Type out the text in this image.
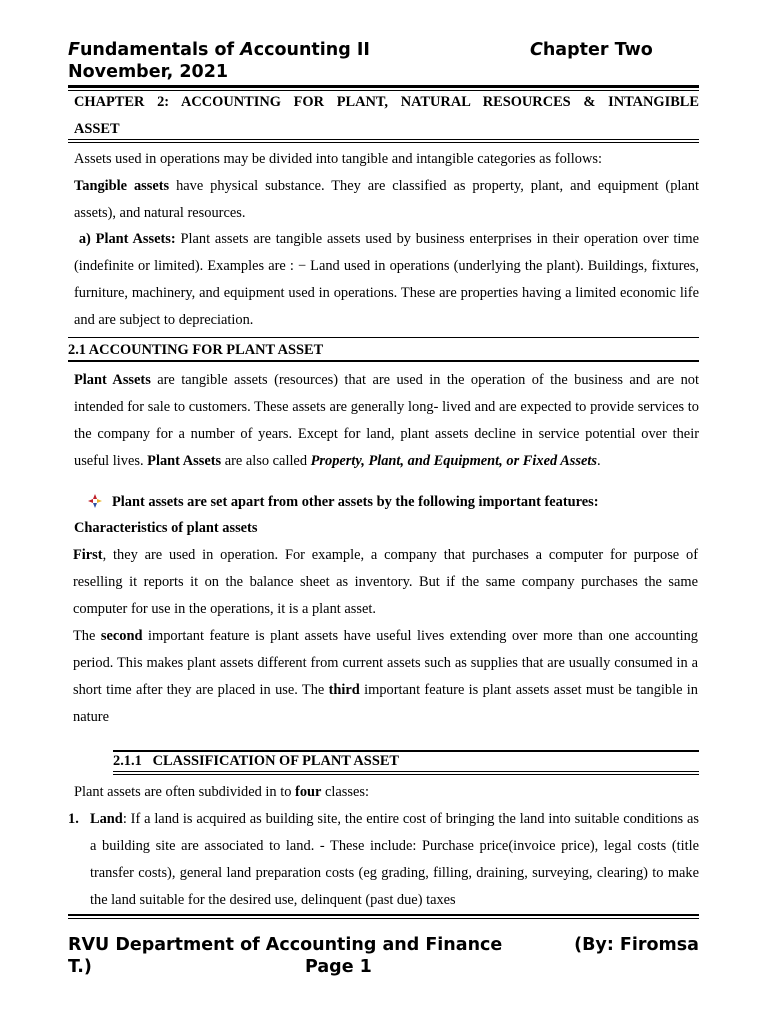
Fundamentals of Accounting II	Chapter Two
November, 2021
CHAPTER 2: ACCOUNTING FOR PLANT, NATURAL RESOURCES & INTANGIBLE
ASSET
Assets used in operations may be divided into tangible and intangible categories as follows:
Tangible assets have physical substance. They are classified as property, plant, and equipment (plant assets), and natural resources.
a) Plant Assets: Plant assets are tangible assets used by business enterprises in their operation over time (indefinite or limited). Examples are : − Land used in operations (underlying the plant). Buildings, fixtures, furniture, machinery, and equipment used in operations. These are properties having a limited economic life and are subject to depreciation.
2.1 ACCOUNTING FOR PLANT ASSET
Plant Assets are tangible assets (resources) that are used in the operation of the business and are not intended for sale to customers. These assets are generally long- lived and are expected to provide services to the company for a number of years. Except for land, plant assets decline in service potential over their useful lives. Plant Assets are also called Property, Plant, and Equipment, or Fixed Assets.
Plant assets are set apart from other assets by the following important features:
Characteristics of plant assets
First, they are used in operation. For example, a company that purchases a computer for purpose of reselling it reports it on the balance sheet as inventory. But if the same company purchases the same computer for use in the operations, it is a plant asset.
The second important feature is plant assets have useful lives extending over more than one accounting period. This makes plant assets different from current assets such as supplies that are usually consumed in a short time after they are placed in use. The third important feature is plant assets asset must be tangible in nature
2.1.1 CLASSIFICATION OF PLANT ASSET
Plant assets are often subdivided in to four classes:
1. Land: If a land is acquired as building site, the entire cost of bringing the land into suitable conditions as a building site are associated to land. - These include: Purchase price(invoice price), legal costs (title transfer costs), general land preparation costs (eg grading, filling, draining, surveying, clearing) to make the land suitable for the desired use, delinquent (past due) taxes
RVU Department of Accounting and Finance	(By: Firomsa
T.)	Page 1
